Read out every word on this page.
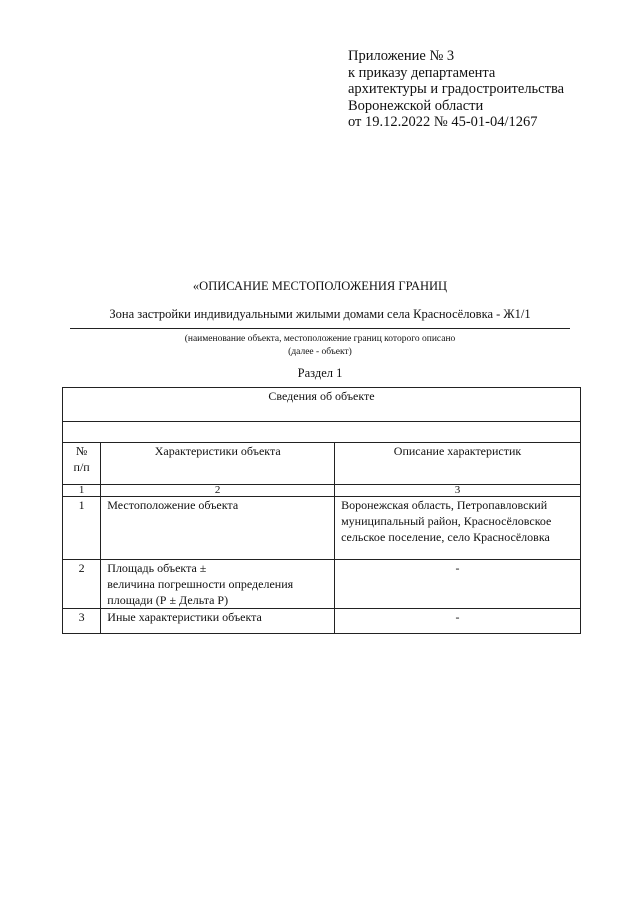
Приложение № 3
к приказу департамента
архитектуры и градостроительства
Воронежской области
от 19.12.2022 № 45-01-04/1267
«ОПИСАНИЕ МЕСТОПОЛОЖЕНИЯ ГРАНИЦ
Зона застройки индивидуальными жилыми домами села Красносёловка - Ж1/1
(наименование объекта, местоположение границ которого описано
(далее - объект)
Раздел 1
Сведения об объекте		

№
п/п	Характеристики объекта	Описание характеристик
1	2	3
1	Местоположение объекта	Воронежская область, Петропавловский муниципальный район, Красносёловское сельское поселение, село Красносёловка
2	Площадь объекта ±
величина погрешности определения
площади (Р ± Дельта Р)	-
3	Иные характеристики объекта	-
